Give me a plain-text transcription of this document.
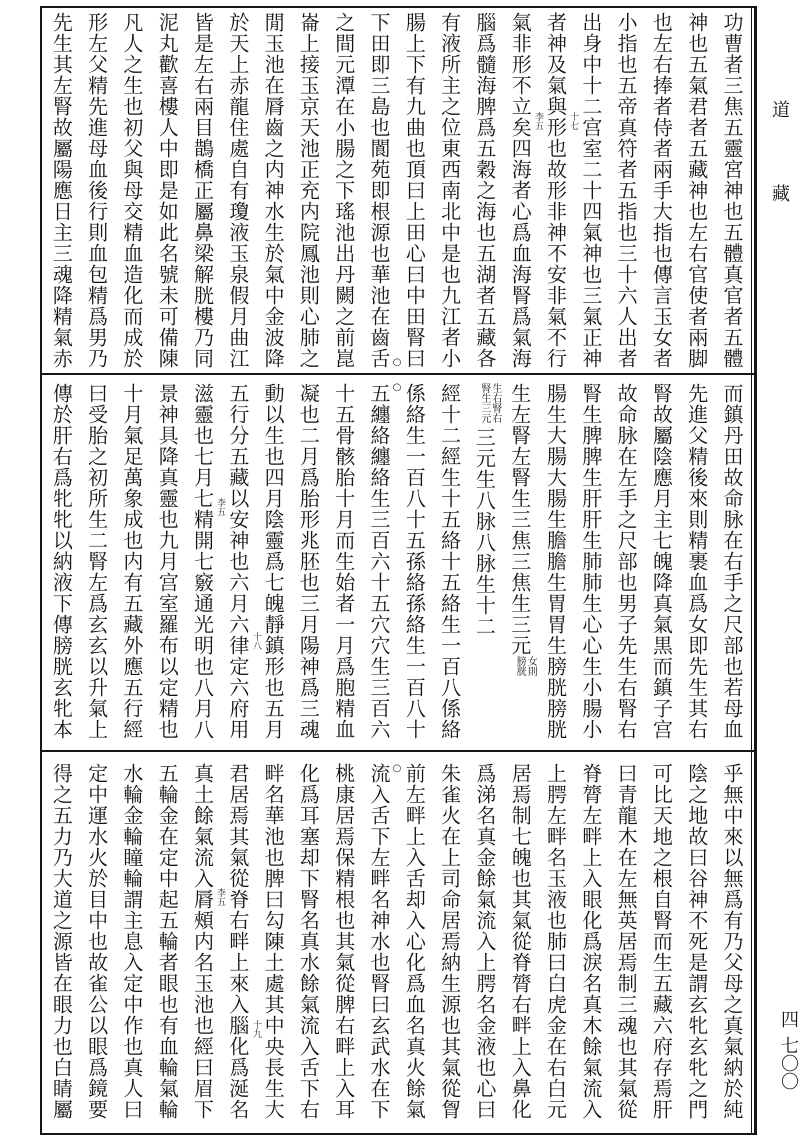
功曹者三焦五靈宮神也五體真官者五體
神也五氣君者五藏神也左右官使者兩脚
也左右捧者侍者兩手大指也傳言玉女者
小指也五帝真符者五指也三十六人出者
出身中十二宫室二十四氣神也三氣正神
者神及氣與形也故形非神不安非氣不行
氣非形不立矣四海者心爲血海腎爲氣海
腦爲髓海脾爲五穀之海也五湖者五藏各
有液所主之位東西南北中是也九江者小
腸上下有九曲也頂曰上田心曰中田腎曰
下田即三島也閬苑即根源也華池在齒舌
之間元潭在小腸之下瑤池出丹闕之前崑
崙上接玉京天池正充内院鳳池則心肺之
閒玉池在脣齒之内神水生於氣中金波降
於天上赤龍住處自有瓊液玉泉假月曲江
皆是左右兩目鵲橋正屬鼻梁解胱樓乃同
泥丸歡喜樓人中即是如此名號未可備陳
凡人之生也初父與母交精血造化而成於
形左父精先進母血後行則血包精爲男乃
先生其左腎故屬陽應日主三魂降精氣赤
而鎮丹田故命脉在右手之尺部也若母血
先進父精後來則精裹血爲女即先生其右
腎故屬陰應月主七魄降真氣黒而鎮子宫
故命脉在左手之尺部也男子先生右腎右
腎生脾脾生肝肝生肺肺生心心生小腸小
腸生大腸大腸生膽膽生胃胃生膀胱膀胱
生左腎左腎生三焦三焦生三元女則膀胱
生右腎右腎生三元三元生八脉八脉生十二
經十二經生十五絡十五絡生一百八係絡
係絡生一百八十五孫絡孫絡生一百八十
五纏絡纏絡生三百六十五穴穴生三百六
十五骨骸胎十月而生始者一月爲胞精血
凝也二月爲胎形兆胚也三月陽神爲三魂
動以生也四月陰靈爲七魄靜鎮形也五月
五行分五藏以安神也六月六律定六府用
滋靈也七月七精開七竅通光明也八月八
景神具降真靈也九月宫室羅布以定精也
十月氣足萬象成也内有五藏外應五行經
曰受胎之初所生二腎左爲玄玄以升氣上
傳於肝右爲牝牝以納液下傳膀胱玄牝本
乎無中來以無爲有乃父母之真氣納於純
陰之地故曰谷神不死是謂玄牝玄牝之門
可比天地之根自腎而生五藏六府存焉肝
曰青龍木在左無英居焉制三魂也其氣從
脊膂左畔上入眼化爲淚名真木餘氣流入
上腭左畔名玉液也肺曰白虎金在右白元
居焉制七魄也其氣從脊膂右畔上入鼻化
爲涕名真金餘氣流入上腭名金液也心曰
朱雀火在上司命居焉納生源也其氣從胷
前左畔上入舌却入心化爲血名真火餘氣
流入舌下左畔名神水也腎曰玄武水在下
桃康居焉保精根也其氣從脾右畔上入耳
化爲耳塞却下腎名真水餘氣流入舌下右
畔名華池也脾曰勾陳土處其中央長生大
君居焉其氣從脊右畔上來入腦化爲涎名
真土餘氣流入脣頰内名玉池也經曰眉下
五輪金在定中起五輪者眼也有血輪氣輪
水輪金輪瞳輪謂主息入定中作也真人曰
定中運水火於目中也故雀公以眼爲鏡要
得之五力乃大道之源皆在眼力也白睛屬
○
○
○
李五	十七
李五
十八
李五
十九
道
藏
四
七〇〇
